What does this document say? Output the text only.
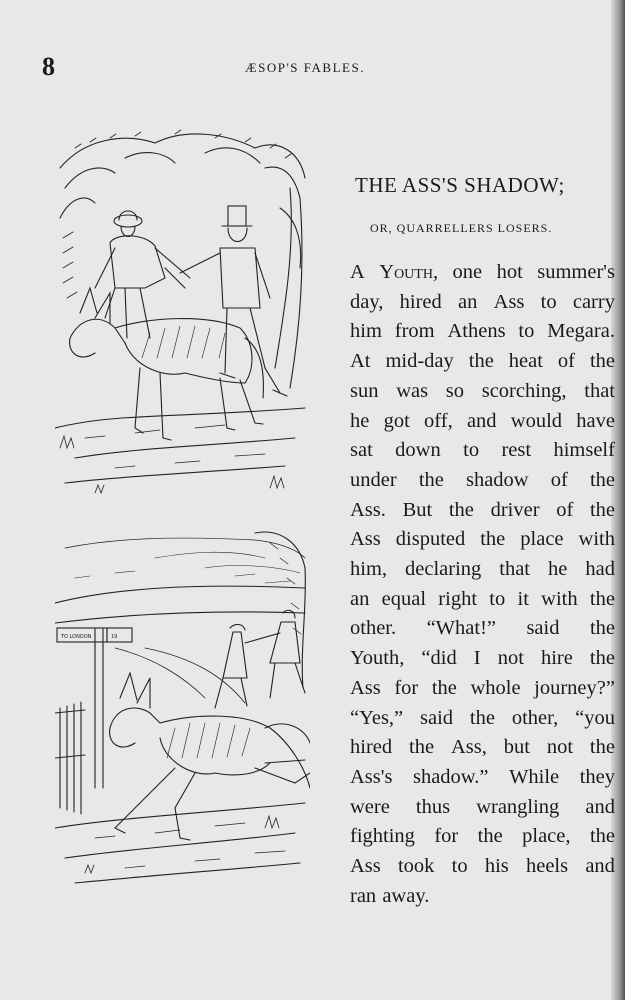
8	ÆSOP'S FABLES.
TO LONDON	19
THE ASS'S SHADOW;
OR, QUARRELLERS LOSERS.
A Youth, one hot summer's
day, hired an Ass to carry
him from Athens to Megara.
At mid-day the heat of the
sun was so scorching, that
he got off, and would have
sat down to rest himself
under the shadow of the
Ass. But the driver of the
Ass disputed the place with
him, declaring that he had
an equal right to it with the
other. “What!” said the
Youth, “did I not hire the
Ass for the whole journey?”
“Yes,” said the other, “you
hired the Ass, but not the
Ass's shadow.” While they
were thus wrangling and
fighting for the place, the
Ass took to his heels and
ran away.
